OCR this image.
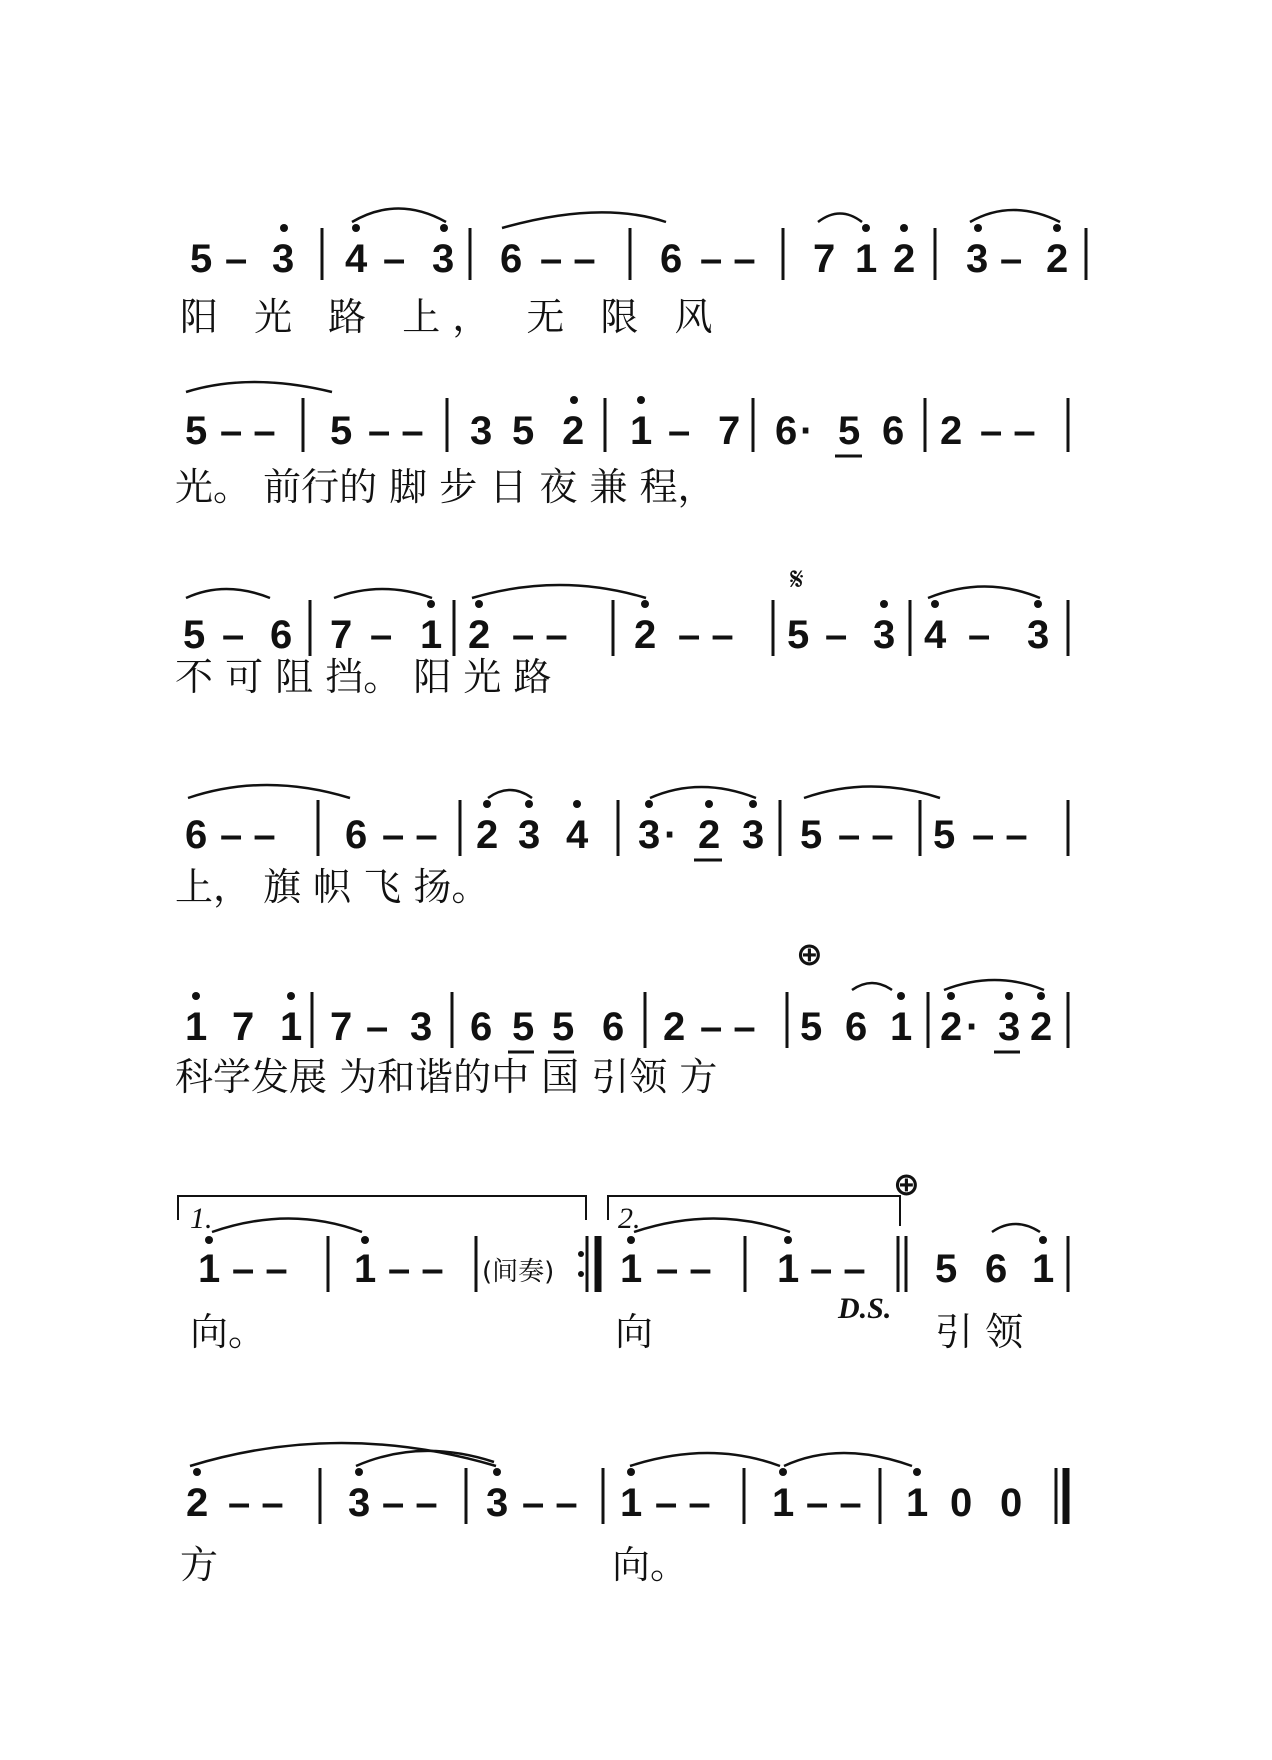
5 – 3 4 – 3 6 – – 6 – – 7 1 2 3 – 2
阳 光 路 上， 无 限 风
5 – – 5 – – 3 5 2 1 – 7 6 · 5 6 2 – –
光。 前行的 脚 步 日 夜 兼 程，
5 – 6 7 – 1 2 – – 2 – – 5 – 3 4 – 3
𝄋
不 可 阻 挡。 阳 光 路
6 – – 6 – – 2 3 4 3 · 2 3 5 – – 5 – –
上， 旗 帜 飞 扬。
1 7 1 7 – 3 6 5 5 6 2 – – 5 6 1 2 · 3 2
⊕
科学发展 为和谐的中 国 引领 方
1.	2.
⊕
1 – – 1 – –	1 – – 1 – – 5 6 1
(间奏)
D.S.
向。	向	引 领
2 – – 3 – – 3 – – 1 – – 1 – – 1 0 0
方	向。
